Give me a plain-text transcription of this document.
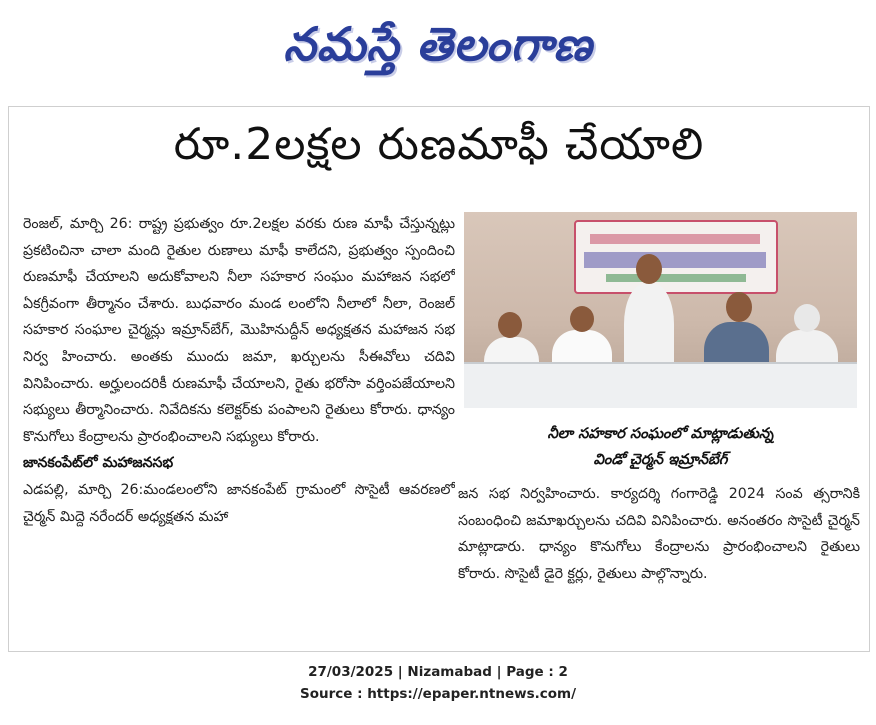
నమస్తే తెలంగాణ
రూ.2లక్షల రుణమాఫీ చేయాలి

రెంజల్, మార్చి 26: రాష్ట్ర ప్రభుత్వం రూ.2లక్షల వరకు రుణ మాఫీ చేస్తున్నట్లు ప్రకటించినా చాలా మంది రైతుల రుణాలు మాఫీ కాలేదని, ప్రభుత్వం స్పందించి రుణమాఫీ చేయాలని అదుకోవాలని నీలా సహకార సంఘం మహాజన సభలో ఏకగ్రీవంగా తీర్మానం చేశారు. బుధవారం మండ లంలోని నీలాలో నీలా, రెంజల్ సహకార సంఘాల చైర్మన్లు ఇమ్రాన్‌బేగ్, మొహినుద్దీన్ అధ్యక్షతన మహాజన సభ నిర్వ హించారు. అంతకు ముందు జమా, ఖర్చులను సీఈవోలు చదివి వినిపించారు. అర్హులందరికీ రుణమాఫీ చేయాలని, రైతు భరోసా వర్తింపజేయాలని సభ్యులు తీర్మానించారు. నివేదికను కలెక్టర్‌కు పంపాలని రైతులు కోరారు. ధాన్యం కొనుగోలు కేంద్రాలను ప్రారంభించాలని సభ్యులు కోరారు.

జానకంపేట్‌లో మహాజనసభ

ఎడపల్లి, మార్చి 26:మండలంలోని జానకంపేట్ గ్రామంలో సొసైటీ ఆవరణలో చైర్మన్ మిద్దె నరేందర్ అధ్యక్షతన మహా

నీలా సహకార సంఘంలో మాట్లాడుతున్న
విండో చైర్మన్ ఇమ్రాన్‌బేగ్

జన సభ నిర్వహించారు. కార్యదర్శి గంగారెడ్డి 2024 సంవ త్సరానికి సంబంధించి జమాఖర్చులను చదివి వినిపించారు. అనంతరం సొసైటీ చైర్మన్ మాట్లాడారు. ధాన్యం కొనుగోలు కేంద్రాలను ప్రారంభించాలని రైతులు కోరారు. సొసైటీ డైరె క్టర్లు, రైతులు పాల్గొన్నారు.

27/03/2025 | Nizamabad | Page : 2
Source : https://epaper.ntnews.com/
